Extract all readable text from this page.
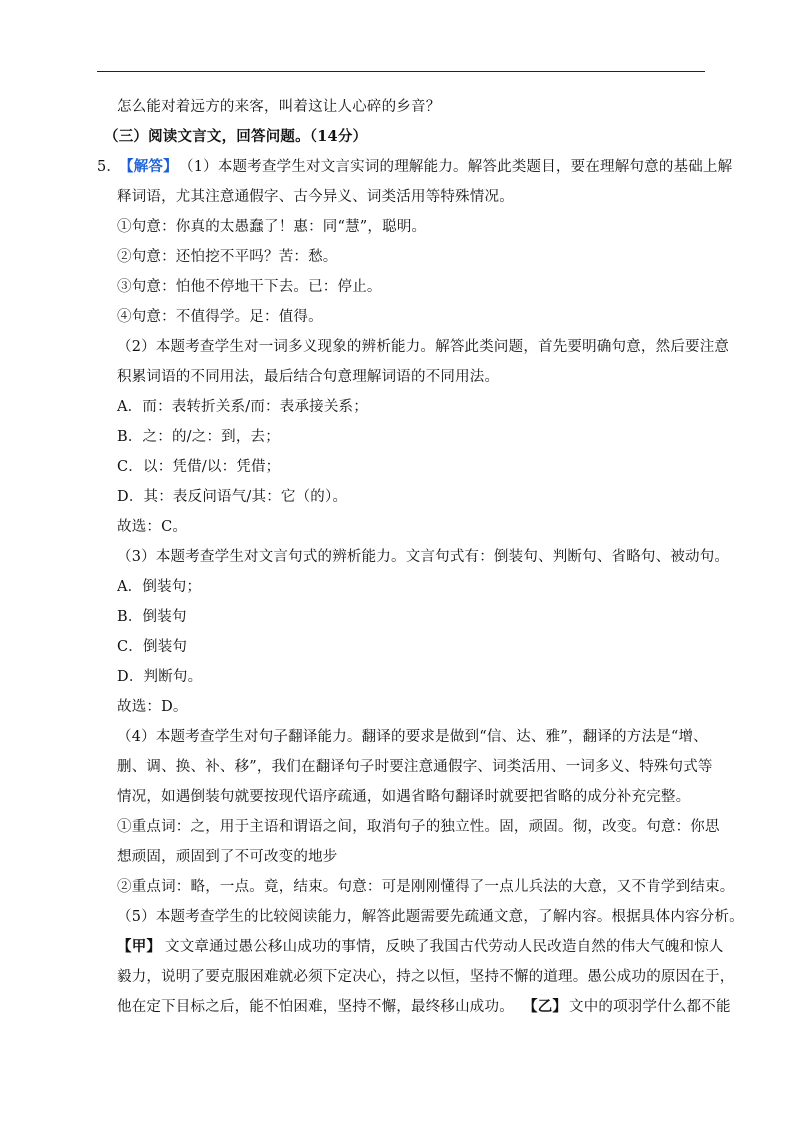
怎么能对着远方的来客，叫着这让人心碎的乡音？
（三）阅读文言文，回答问题。（14分）
5．
【解答】 （1）本题考查学生对文言实词的理解能力。解答此类题目，要在理解句意的基础上解
释词语，尤其注意通假字、古今异义、词类活用等特殊情况。
①句意：你真的太愚蠢了！惠：同“慧”，聪明。
②句意：还怕挖不平吗？苦：愁。
③句意：怕他不停地干下去。已：停止。
④句意：不值得学。足：值得。
（2）本题考查学生对一词多义现象的辨析能力。解答此类问题，首先要明确句意，然后要注意
积累词语的不同用法，最后结合句意理解词语的不同用法。
A．而：表转折关系/而：表承接关系；
B．之：的/之：到，去；
C．以：凭借/以：凭借；
D．其：表反问语气/其：它（的）。
故选：C。
（3）本题考查学生对文言句式的辨析能力。文言句式有：倒装句、判断句、省略句、被动句。
A．倒装句；
B．倒装句
C．倒装句
D．判断句。
故选：D。
（4）本题考查学生对句子翻译能力。翻译的要求是做到“信、达、雅”，翻译的方法是“增、
删、调、换、补、移”，我们在翻译句子时要注意通假字、词类活用、一词多义、特殊句式等
情况，如遇倒装句就要按现代语序疏通，如遇省略句翻译时就要把省略的成分补充完整。
①重点词：之，用于主语和谓语之间，取消句子的独立性。固，顽固。彻，改变。句意：你思
想顽固，顽固到了不可改变的地步
②重点词：略，一点。竟，结束。句意：可是刚刚懂得了一点儿兵法的大意，又不肯学到结束。
（5）本题考查学生的比较阅读能力，解答此题需要先疏通文意，了解内容。根据具体内容分析。
【甲】 文文章通过愚公移山成功的事情，反映了我国古代劳动人民改造自然的伟大气魄和惊人
毅力，说明了要克服困难就必须下定决心，持之以恒，坚持不懈的道理。愚公成功的原因在于，
他在定下目标之后，能不怕困难，坚持不懈，最终移山成功。 【乙】 文中的项羽学什么都不能
